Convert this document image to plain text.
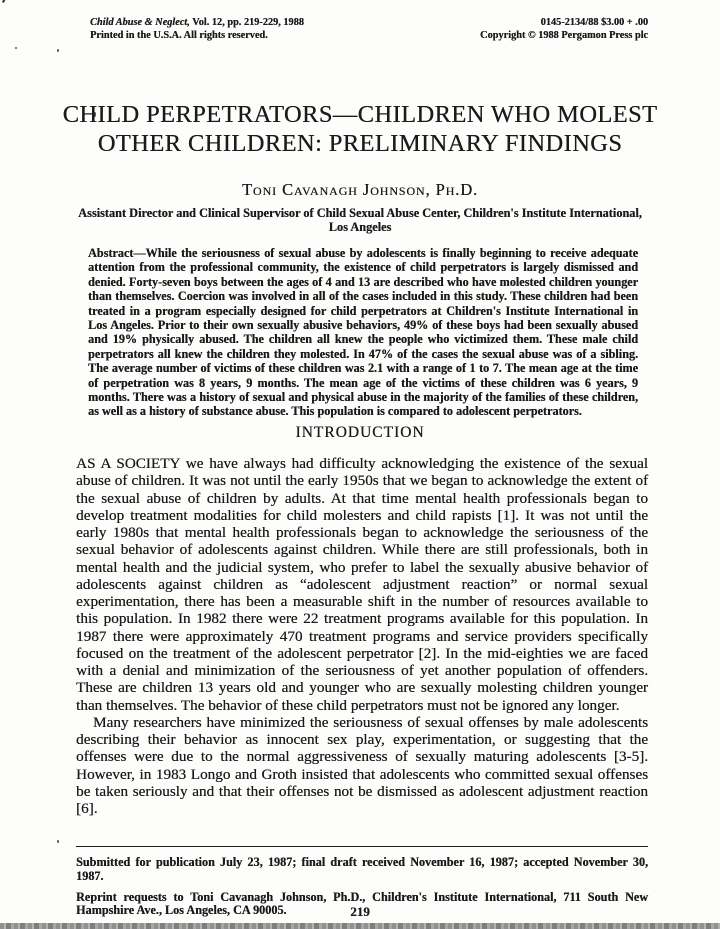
Child Abuse & Neglect, Vol. 12, pp. 219-229, 1988
Printed in the U.S.A. All rights reserved.
0145-2134/88 $3.00 + .00
Copyright © 1988 Pergamon Press plc
CHILD PERPETRATORS—CHILDREN WHO MOLEST
OTHER CHILDREN: PRELIMINARY FINDINGS
Toni Cavanagh Johnson, Ph.D.
Assistant Director and Clinical Supervisor of Child Sexual Abuse Center, Children's Institute International,
Los Angeles

Abstract—While the seriousness of sexual abuse by adolescents is finally beginning to receive adequate attention from the professional community, the existence of child perpetrators is largely dismissed and denied. Forty-seven boys between the ages of 4 and 13 are described who have molested children younger than themselves. Coercion was involved in all of the cases included in this study. These children had been treated in a program especially designed for child perpetrators at Children's Institute International in Los Angeles. Prior to their own sexually abusive behaviors, 49% of these boys had been sexually abused and 19% physically abused. The children all knew the people who victimized them. These male child perpetrators all knew the children they molested. In 47% of the cases the sexual abuse was of a sibling. The average number of victims of these children was 2.1 with a range of 1 to 7. The mean age at the time of perpetration was 8 years, 9 months. The mean age of the victims of these children was 6 years, 9 months. There was a history of sexual and physical abuse in the majority of the families of these children, as well as a history of substance abuse. This population is compared to adolescent perpetrators.

INTRODUCTION

AS A SOCIETY we have always had difficulty acknowledging the existence of the sexual abuse of children. It was not until the early 1950s that we began to acknowledge the extent of the sexual abuse of children by adults. At that time mental health professionals began to develop treatment modalities for child molesters and child rapists [1]. It was not until the early 1980s that mental health professionals began to acknowledge the seriousness of the sexual behavior of adolescents against children. While there are still professionals, both in mental health and the judicial system, who prefer to label the sexually abusive behavior of adolescents against children as “adolescent adjustment reaction” or normal sexual experimentation, there has been a measurable shift in the number of resources available to this population. In 1982 there were 22 treatment programs available for this population. In 1987 there were approximately 470 treatment programs and service providers specifically focused on the treatment of the adolescent perpetrator [2]. In the mid-eighties we are faced with a denial and minimization of the seriousness of yet another population of offenders. These are children 13 years old and younger who are sexually molesting children younger than themselves. The behavior of these child perpetrators must not be ignored any longer.

Many researchers have minimized the seriousness of sexual offenses by male adolescents describing their behavior as innocent sex play, experimentation, or suggesting that the offenses were due to the normal aggressiveness of sexually maturing adolescents [3-5]. However, in 1983 Longo and Groth insisted that adolescents who committed sexual offenses be taken seriously and that their offenses not be dismissed as adolescent adjustment reaction [6].

Submitted for publication July 23, 1987; final draft received November 16, 1987; accepted November 30, 1987.

Reprint requests to Toni Cavanagh Johnson, Ph.D., Children's Institute International, 711 South New Hampshire Ave., Los Angeles, CA 90005.	219
